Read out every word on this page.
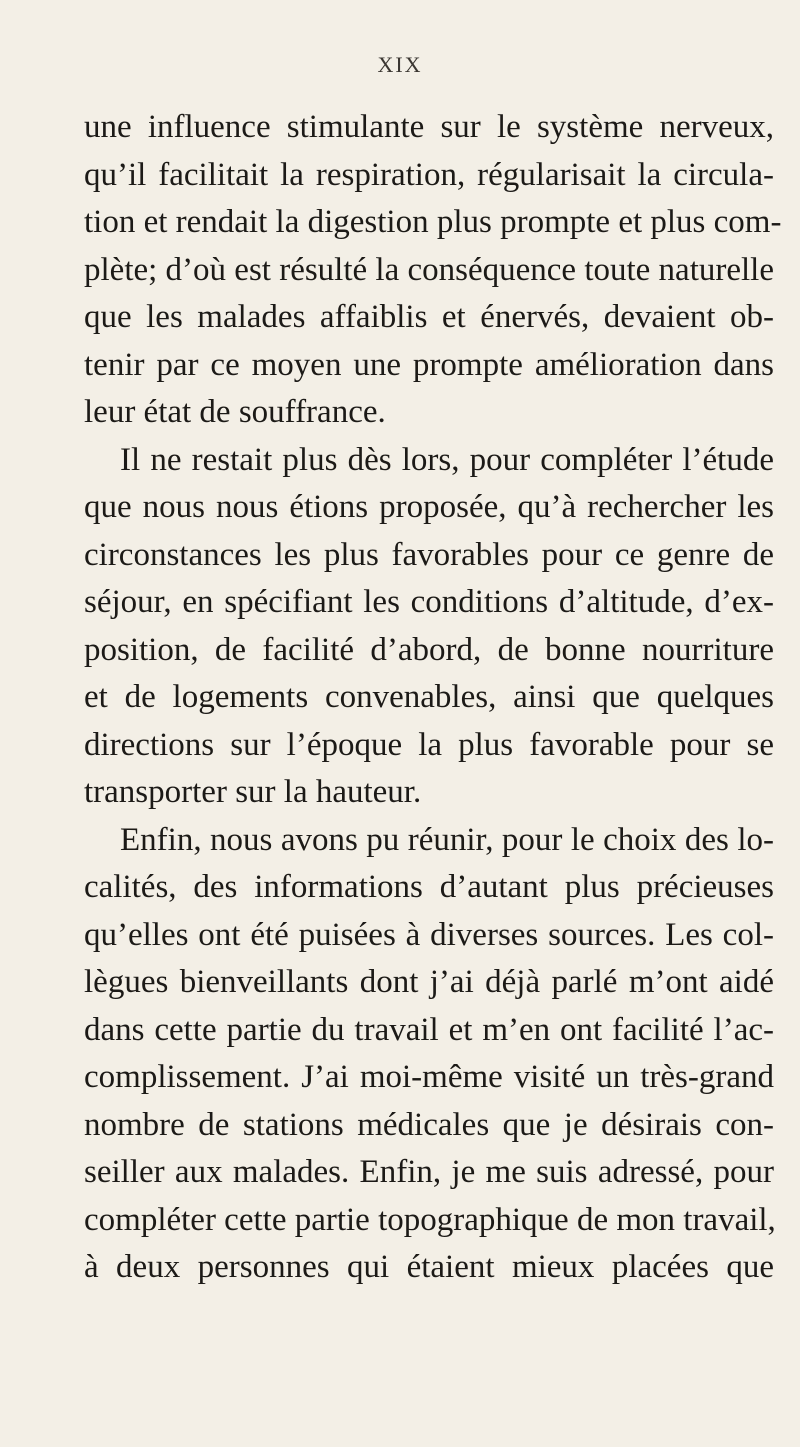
XIX
une influence stimulante sur le système nerveux,
qu’il facilitait la respiration, régularisait la circula-
tion et rendait la digestion plus prompte et plus com-
plète; d’où est résulté la conséquence toute naturelle
que les malades affaiblis et énervés, devaient ob-
tenir par ce moyen une prompte amélioration dans
leur état de souffrance.
Il ne restait plus dès lors, pour compléter l’étude
que nous nous étions proposée, qu’à rechercher les
circonstances les plus favorables pour ce genre de
séjour, en spécifiant les conditions d’altitude, d’ex-
position, de facilité d’abord, de bonne nourriture
et de logements convenables, ainsi que quelques
directions sur l’époque la plus favorable pour se
transporter sur la hauteur.
Enfin, nous avons pu réunir, pour le choix des lo-
calités, des informations d’autant plus précieuses
qu’elles ont été puisées à diverses sources. Les col-
lègues bienveillants dont j’ai déjà parlé m’ont aidé
dans cette partie du travail et m’en ont facilité l’ac-
complissement. J’ai moi-même visité un très-grand
nombre de stations médicales que je désirais con-
seiller aux malades. Enfin, je me suis adressé, pour
compléter cette partie topographique de mon travail,
à deux personnes qui étaient mieux placées que
